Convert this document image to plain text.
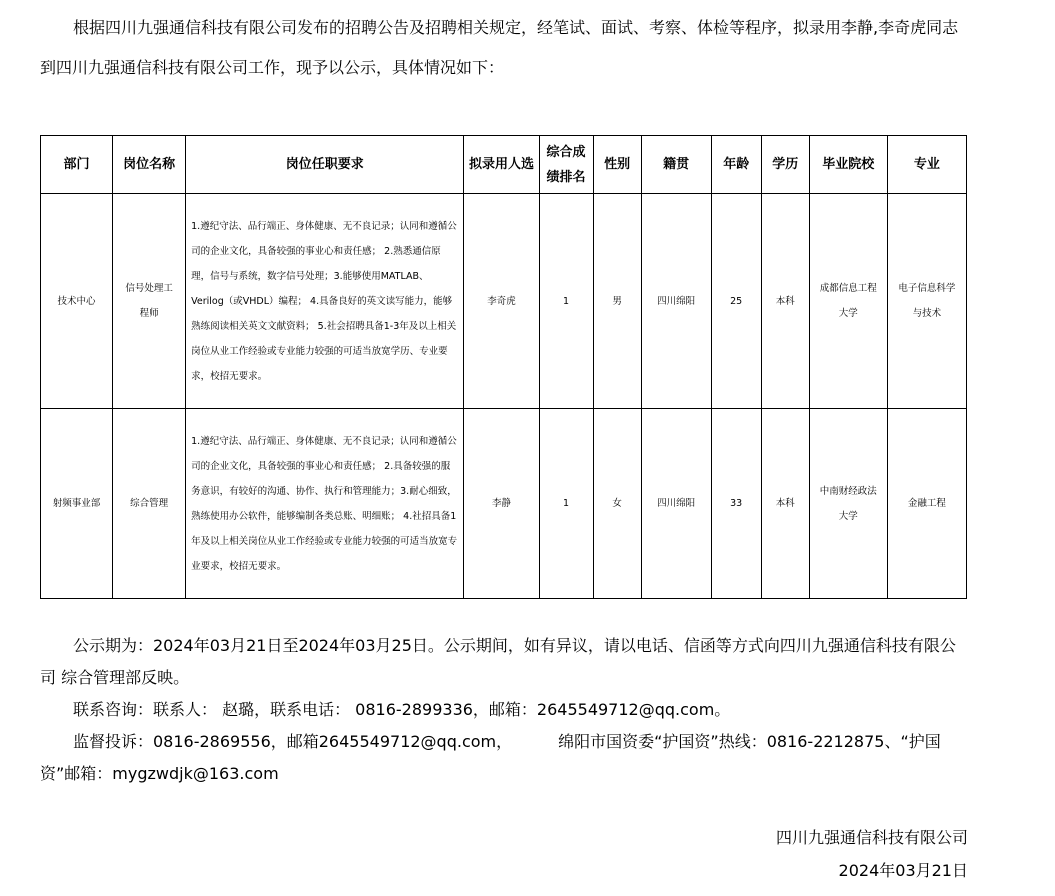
根据四川九强通信科技有限公司发布的招聘公告及招聘相关规定，经笔试、面试、考察、体检等程序，拟录用李静,李奇虎同志到四川九强通信科技有限公司工作，现予以公示，具体情况如下：

部门	岗位名称	岗位任职要求	拟录用人选	综合成绩排名	性别	籍贯	年龄	学历	毕业院校	专业
技术中心	信号处理工程师	1.遵纪守法、品行端正、身体健康、无不良记录；认同和遵循公司的企业文化，具备较强的事业心和责任感； 2.熟悉通信原理，信号与系统，数字信号处理；3.能够使用MATLAB、Verilog（或VHDL）编程； 4.具备良好的英文读写能力，能够熟练阅读相关英文文献资料； 5.社会招聘具备1-3年及以上相关岗位从业工作经验或专业能力较强的可适当放宽学历、专业要求，校招无要求。	李奇虎	1	男	四川绵阳	25	本科	成都信息工程大学	电子信息科学与技术
射频事业部	综合管理	1.遵纪守法、品行端正、身体健康、无不良记录；认同和遵循公司的企业文化，具备较强的事业心和责任感； 2.具备较强的服务意识，有较好的沟通、协作、执行和管理能力；3.耐心细致，熟练使用办公软件，能够编制各类总账、明细账； 4.社招具备1年及以上相关岗位从业工作经验或专业能力较强的可适当放宽专业要求，校招无要求。	李静	1	女	四川绵阳	33	本科	中南财经政法大学	金融工程

公示期为：2024年03月21日至2024年03月25日。公示期间，如有异议，请以电话、信函等方式向四川九强通信科技有限公司 综合管理部反映。

联系咨询：联系人： 赵璐，联系电话： 0816-2899336，邮箱：2645549712@qq.com。

监督投诉：0816-2869556，邮箱2645549712@qq.com，	绵阳市国资委“护国资”热线：0816-2212875、“护国资”邮箱：mygzwdjk@163.com

四川九强通信科技有限公司

2024年03月21日
